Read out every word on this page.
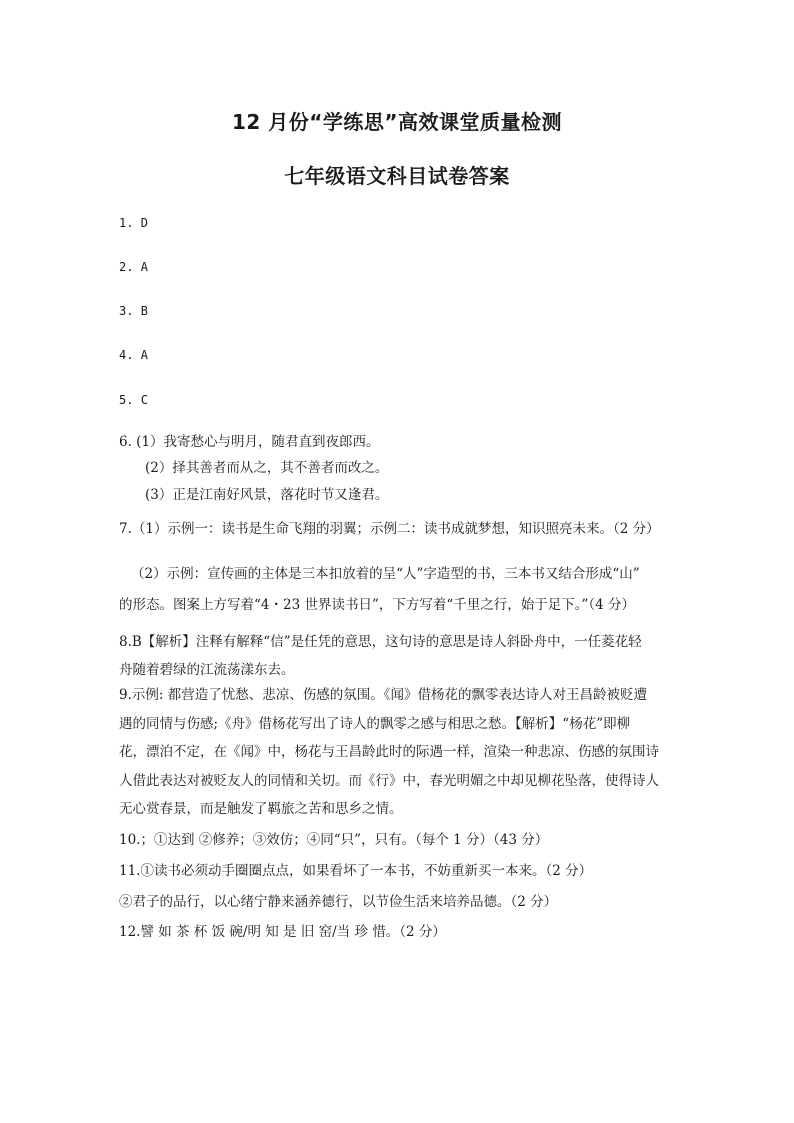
12 月份“学练思”高效课堂质量检测
七年级语文科目试卷答案
1. D
2. A
3. B
4. A
5. C
6. (1）我寄愁心与明月，随君直到夜郎西。
(2）择其善者而从之，其不善者而改之。
(3）正是江南好风景，落花时节又逢君。
7.（1）示例一：读书是生命飞翔的羽翼；示例二：读书成就梦想，知识照亮未来。（2 分）
（2）示例：宣传画的主体是三本扣放着的呈“人”字造型的书，三本书又结合形成“山”
的形态。图案上方写着“4・23 世界读书日”，下方写着“千里之行，始于足下。”（4 分）
8.B【解析】注释有解释“信”是任凭的意思，这句诗的意思是诗人斜卧舟中，一任菱花轻
舟随着碧绿的江流荡漾东去。
9.示例: 都营造了忧愁、悲凉、伤感的氛围。《闻》借杨花的飘零表达诗人对王昌龄被贬遭
遇的同情与伤感;《舟》借杨花写出了诗人的飘零之感与相思之愁。【解析】“杨花”即柳
花，漂泊不定，在《闻》中，杨花与王昌龄此时的际遇一样，渲染一种悲凉、伤感的氛围诗
人借此表达对被贬友人的同情和关切。而《行》中，春光明媚之中却见柳花坠落，使得诗人
无心赏春景，而是触发了羁旅之苦和思乡之情。
10.；①达到 ②修养；③效仿；④同“只”，只有。（每个 1 分）（43 分）
11.①读书必须动手圈圈点点，如果看坏了一本书，不妨重新买一本来。（2 分）
②君子的品行，以心绪宁静来涵养德行，以节俭生活来培养品德。（2 分）
12.譬 如 茶 杯 饭 碗/明 知 是 旧 窑/当 珍 惜。（2 分）
